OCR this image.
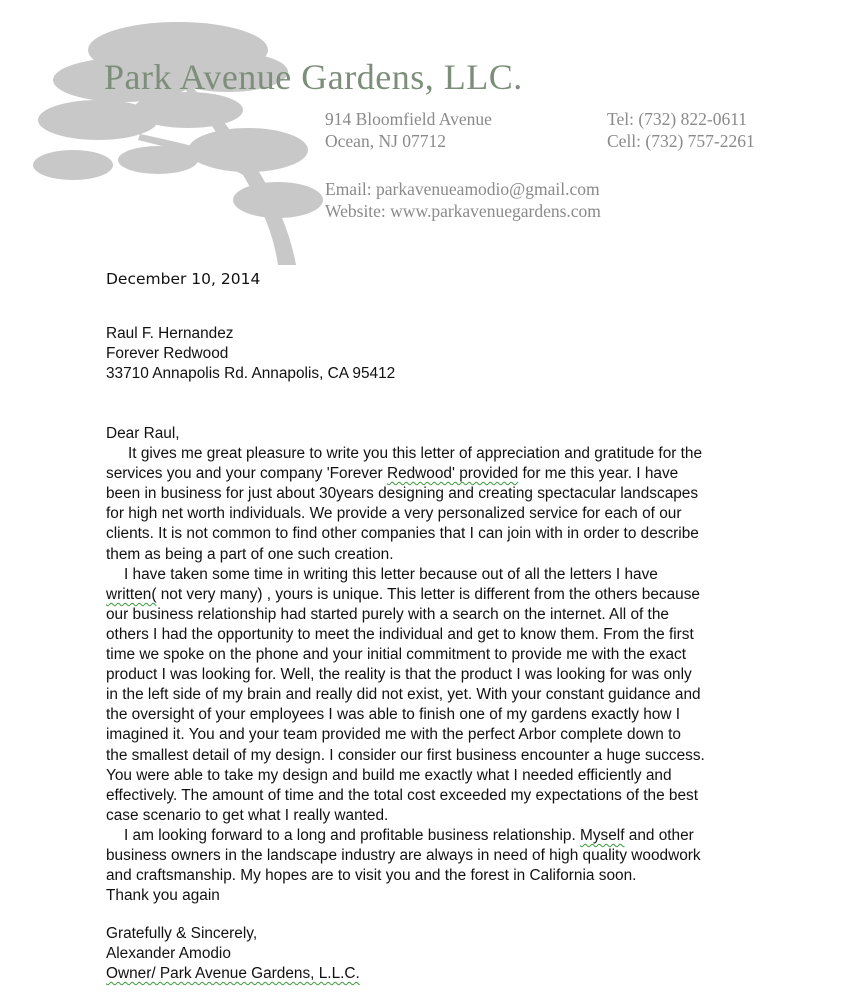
Park Avenue Gardens, LLC.
914 Bloomfield Avenue
Ocean, NJ 07712
Tel: (732) 822-0611
Cell: (732) 757-2261
Email: parkavenueamodio@gmail.com
Website: www.parkavenuegardens.com
December 10, 2014
Raul F. Hernandez
Forever Redwood
33710 Annapolis Rd. Annapolis, CA 95412
Dear Raul,
It gives me great pleasure to write you this letter of appreciation and gratitude for the
services you and your company 'Forever Redwood' provided for me this year. I have
been in business for just about 30years designing and creating spectacular landscapes
for high net worth individuals. We provide a very personalized service for each of our
clients. It is not common to find other companies that I can join with in order to describe
them as being a part of one such creation.
I have taken some time in writing this letter because out of all the letters I have
written( not very many) , yours is unique. This letter is different from the others because
our business relationship had started purely with a search on the internet. All of the
others I had the opportunity to meet the individual and get to know them. From the first
time we spoke on the phone and your initial commitment to provide me with the exact
product I was looking for. Well, the reality is that the product I was looking for was only
in the left side of my brain and really did not exist, yet. With your constant guidance and
the oversight of your employees I was able to finish one of my gardens exactly how I
imagined it. You and your team provided me with the perfect Arbor complete down to
the smallest detail of my design. I consider our first business encounter a huge success.
You were able to take my design and build me exactly what I needed efficiently and
effectively. The amount of time and the total cost exceeded my expectations of the best
case scenario to get what I really wanted.
I am looking forward to a long and profitable business relationship. Myself and other
business owners in the landscape industry are always in need of high quality woodwork
and craftsmanship. My hopes are to visit you and the forest in California soon.
Thank you again
Gratefully & Sincerely,
Alexander Amodio
Owner/ Park Avenue Gardens, L.L.C.
